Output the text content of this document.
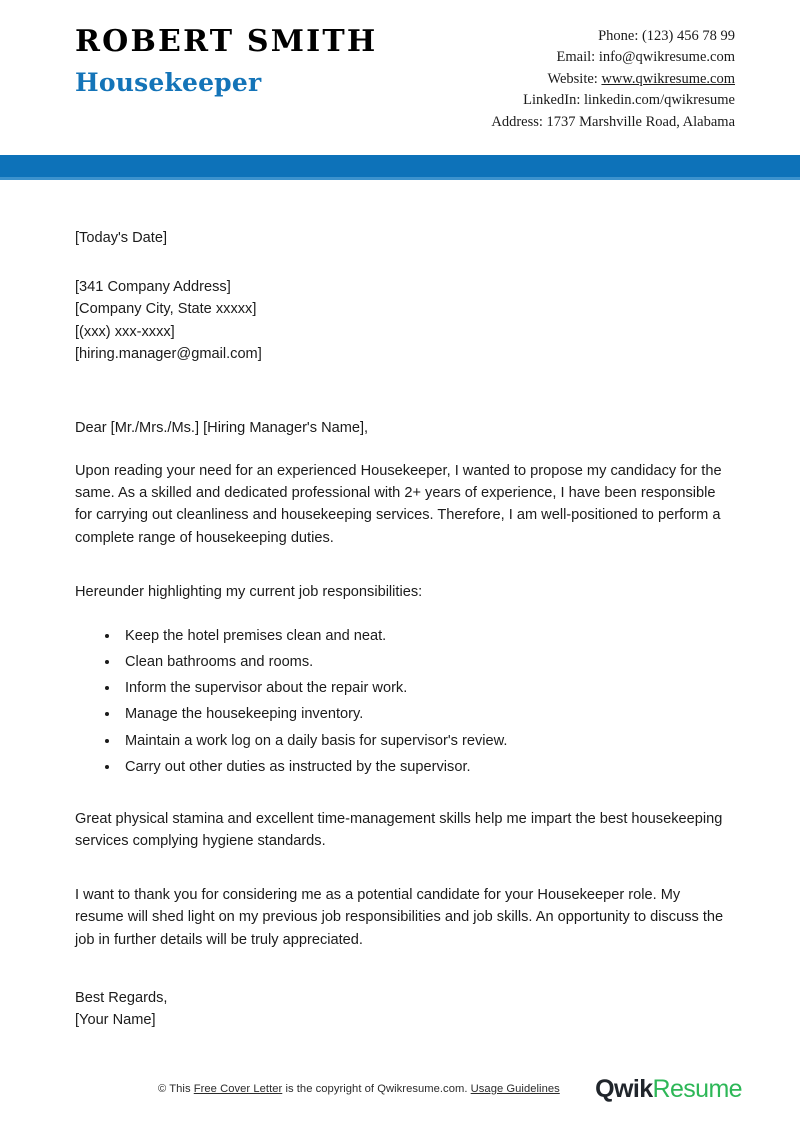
ROBERT SMITH
Housekeeper
Phone: (123) 456 78 99
Email: info@qwikresume.com
Website: www.qwikresume.com
LinkedIn: linkedin.com/qwikresume
Address: 1737 Marshville Road, Alabama
[Today's Date]
[341 Company Address]
[Company City, State xxxxx]
[(xxx) xxx-xxxx]
[hiring.manager@gmail.com]
Dear [Mr./Mrs./Ms.] [Hiring Manager's Name],
Upon reading your need for an experienced Housekeeper, I wanted to propose my candidacy for the same. As a skilled and dedicated professional with 2+ years of experience, I have been responsible for carrying out cleanliness and housekeeping services. Therefore, I am well-positioned to perform a complete range of housekeeping duties.
Hereunder highlighting my current job responsibilities:
Keep the hotel premises clean and neat.
Clean bathrooms and rooms.
Inform the supervisor about the repair work.
Manage the housekeeping inventory.
Maintain a work log on a daily basis for supervisor's review.
Carry out other duties as instructed by the supervisor.
Great physical stamina and excellent time-management skills help me impart the best housekeeping services complying hygiene standards.
I want to thank you for considering me as a potential candidate for your Housekeeper role. My resume will shed light on my previous job responsibilities and job skills. An opportunity to discuss the job in further details will be truly appreciated.
Best Regards,
[Your Name]
© This Free Cover Letter is the copyright of Qwikresume.com. Usage Guidelines QwikResume
